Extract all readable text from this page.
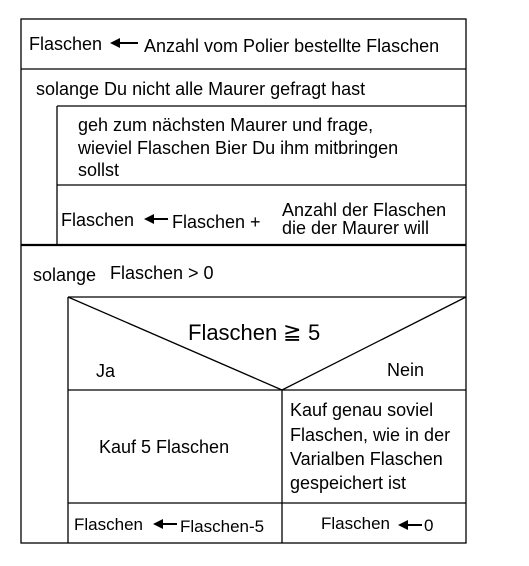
Flaschen Anzahl vom Polier bestellte Flaschen
solange Du nicht alle Maurer gefragt hast
geh zum nächsten Maurer und frage,
wieviel Flaschen Bier Du ihm mitbringen
sollst
Flaschen Flaschen +
Anzahl der Flaschen
die der Maurer will
solange Flaschen > 0
Flaschen ≧ 5
Ja	Nein
Kauf 5 Flaschen
Kauf genau soviel
Flaschen, wie in der
Varialben Flaschen
gespeichert ist
Flaschen Flaschen-5	Flaschen 0
